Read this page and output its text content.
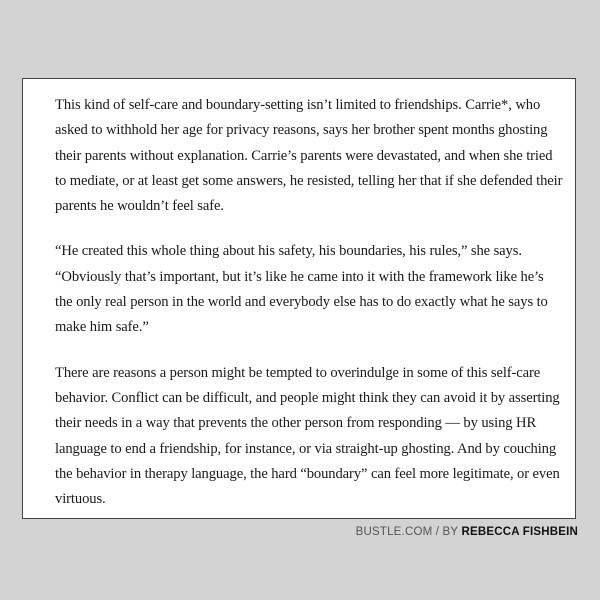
This kind of self-care and boundary-setting isn’t limited to friendships. Carrie*, who asked to withhold her age for privacy reasons, says her brother spent months ghosting their parents without explanation. Carrie’s parents were devastated, and when she tried to mediate, or at least get some answers, he resisted, telling her that if she defended their parents he wouldn’t feel safe.

“He created this whole thing about his safety, his boundaries, his rules,” she says. “Obviously that’s important, but it’s like he came into it with the framework like he’s the only real person in the world and everybody else has to do exactly what he says to make him safe.”

There are reasons a person might be tempted to overindulge in some of this self-care behavior. Conflict can be difficult, and people might think they can avoid it by asserting their needs in a way that prevents the other person from responding — by using HR language to end a friendship, for instance, or via straight-up ghosting. And by couching the behavior in therapy language, the hard “boundary” can feel more legitimate, or even virtuous.

BUSTLE.COM / BY REBECCA FISHBEIN
